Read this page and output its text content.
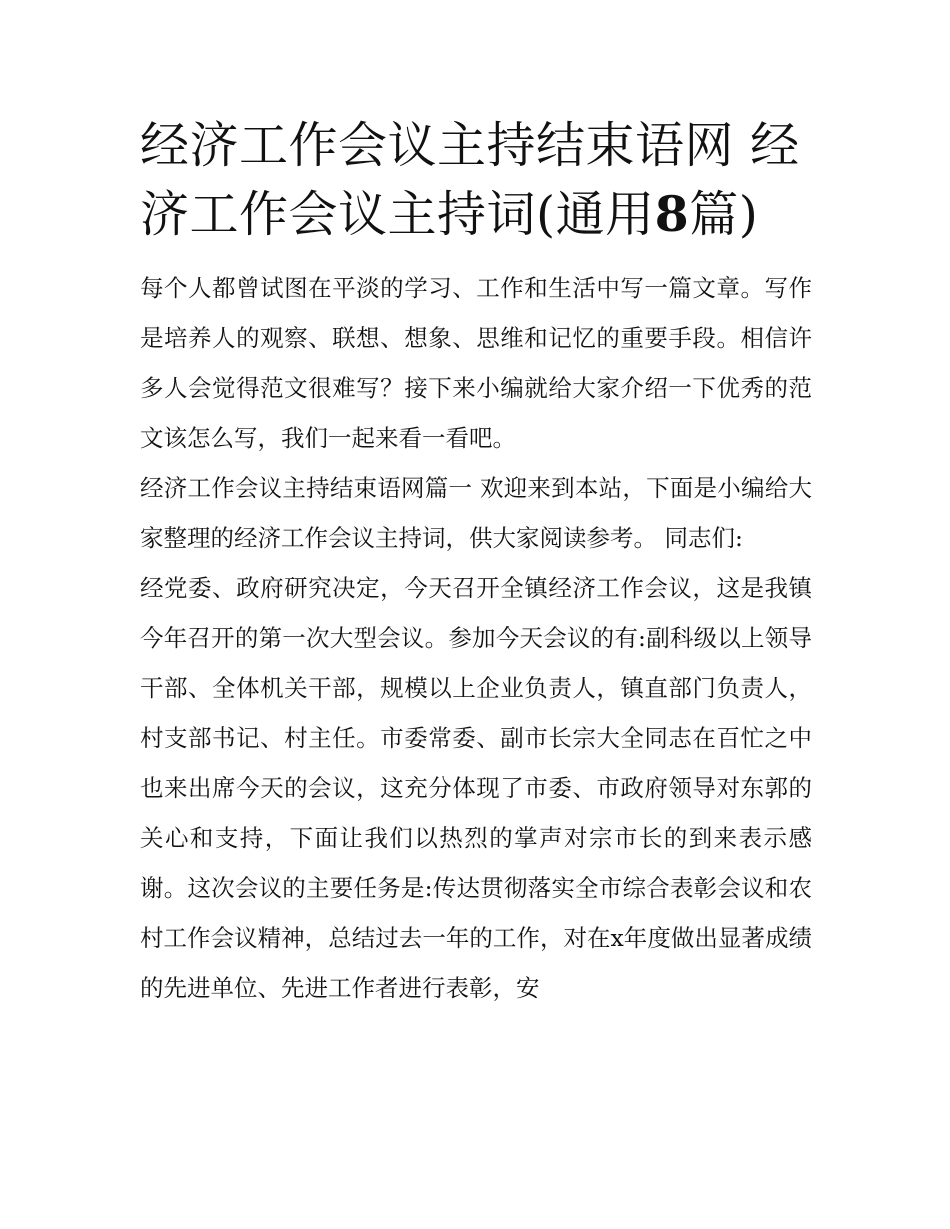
经济工作会议主持结束语网 经济工作会议主持词(通用8篇)

每个人都曾试图在平淡的学习、工作和生活中写一篇文章。写作是培养人的观察、联想、想象、思维和记忆的重要手段。相信许多人会觉得范文很难写？接下来小编就给大家介绍一下优秀的范文该怎么写，我们一起来看一看吧。

经济工作会议主持结束语网篇一 欢迎来到本站，下面是小编给大家整理的经济工作会议主持词，供大家阅读参考。 同志们:

经党委、政府研究决定，今天召开全镇经济工作会议，这是我镇今年召开的第一次大型会议。参加今天会议的有:副科级以上领导干部、全体机关干部，规模以上企业负责人，镇直部门负责人，村支部书记、村主任。市委常委、副市长宗大全同志在百忙之中也来出席今天的会议，这充分体现了市委、市政府领导对东郭的关心和支持，下面让我们以热烈的掌声对宗市长的到来表示感谢。这次会议的主要任务是:传达贯彻落实全市综合表彰会议和农村工作会议精神，总结过去一年的工作，对在x年度做出显著成绩的先进单位、先进工作者进行表彰，安
